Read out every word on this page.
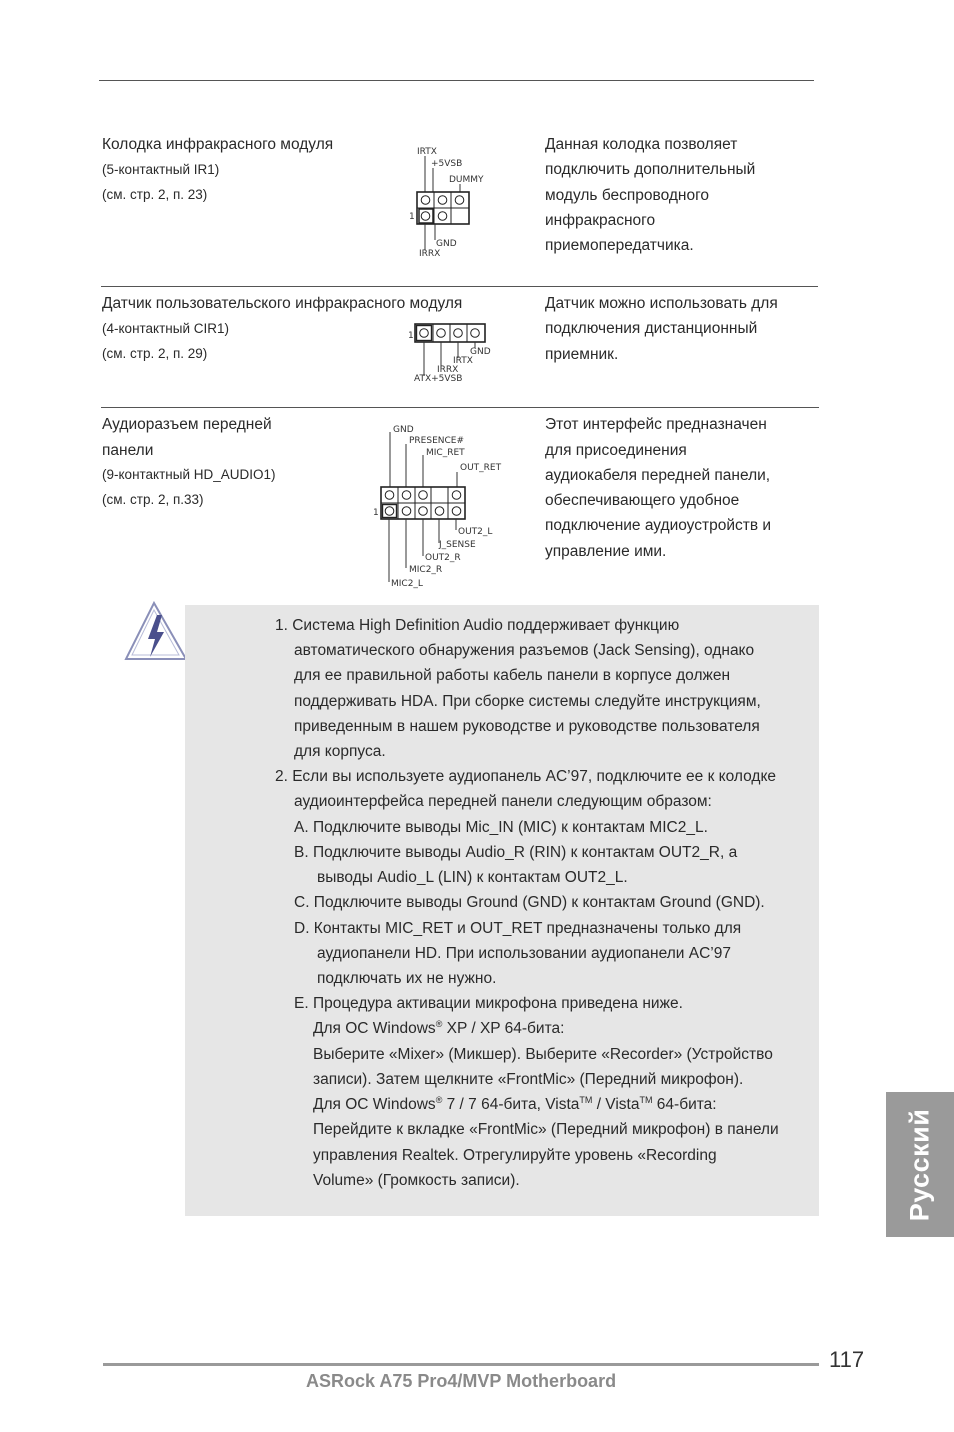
Колодка инфракрасного модуля
(5-контактный IR1)
(см. стр. 2, п. 23)
IRTX
+5VSB
DUMMY
1
GND
IRRX
Данная колодка позволяет
подключить дополнительный
модуль беспроводного
инфракрасного
приемопередатчика.
Датчик пользовательского инфракрасного модуля
(4-контактный CIR1)
(см. стр. 2, п. 29)
1
GND
IRTX
IRRX
ATX+5VSB
Датчик можно использовать для
подключения дистанционный
приемник.
Аудиоразъем передней
панели
(9-контактный HD_AUDIO1)
(см. стр. 2, п.33)
GND
PRESENCE#
MIC_RET
OUT_RET
1
OUT2_L
J_SENSE
OUT2_R
MIC2_R
MIC2_L
Этот интерфейс предназначен
для присоединения
аудиокабеля передней панели,
обеспечивающего удобное
подключение аудиоустройств и
управление ими.
1. Система High Definition Audio поддерживает функцию
автоматического обнаружения разъемов (Jack Sensing), однако
для ее правильной работы кабель панели в корпусе должен
поддерживать HDA. При сборке системы следуйте инструкциям,
приведенным в нашем руководстве и руководстве пользователя
для корпуса.
2. Если вы используете аудиопанель AC’97, подключите ее к колодке
аудиоинтерфейса передней панели следующим образом:
A. Подключите выводы Mic_IN (MIC) к контактам MIC2_L.
B. Подключите выводы Audio_R (RIN) к контактам OUT2_R, а
выводы Audio_L (LIN) к контактам OUT2_L.
C. Подключите выводы Ground (GND) к контактам Ground (GND).
D. Контакты MIC_RET и OUT_RET предназначены только для
аудиопанели HD. При использовании аудиопанели AC’97
подключать их не нужно.
E. Процедура активации микрофона приведена ниже.
Для ОС Windows® XP / XP 64-бита:
Выберите «Mixer» (Микшер). Выберите «Recorder» (Устройство
записи). Затем щелкните «FrontMic» (Передний микрофон).
Для ОС Windows® 7 / 7 64-бита, Vista™ / Vista™ 64-бита:
Перейдите к вкладке «FrontMic» (Передний микрофон) в панели
управления Realtek. Отрегулируйте уровень «Recording
Volume» (Громкость записи).	Русский
117
ASRock A75 Pro4/MVP Motherboard
